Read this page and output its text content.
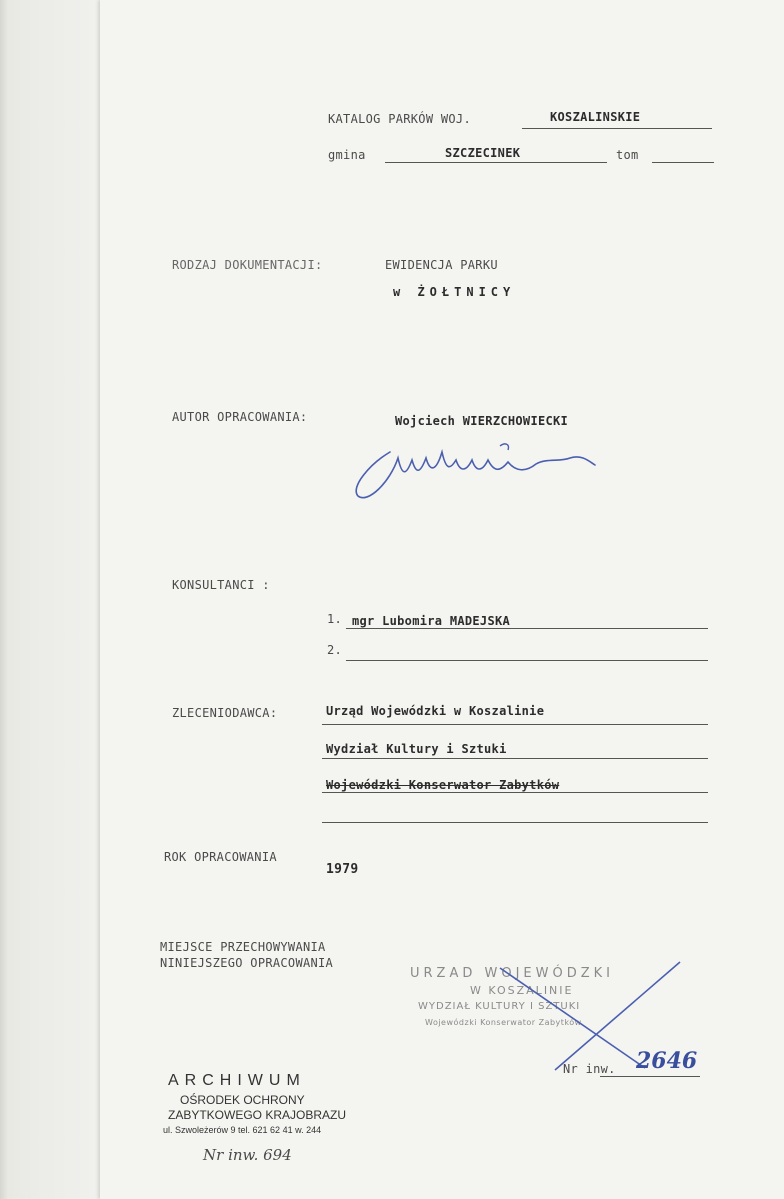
KATALOG PARKÓW WOJ.	KOSZALINSKIE
gmina	SZCZECINEK	tom
RODZAJ DOKUMENTACJI:	EWIDENCJA PARKU
w ŻOŁTNICY
AUTOR OPRACOWANIA:	Wojciech WIERZCHOWIECKI
KONSULTANCI :
1. mgr Lubomira MADEJSKA
2.
ZLECENIODAWCA:	Urząd Wojewódzki w Koszalinie
Wydział Kultury i Sztuki
Wojewódzki Konserwator Zabytków
ROK OPRACOWANIA
1979
MIEJSCE PRZECHOWYWANIA
NINIEJSZEGO OPRACOWANIA
URZAD WOJEWÓDZKI
W KOSZALINIE
WYDZIAŁ KULTURY I SZTUKI
Wojewódzki Konserwator Zabytków
Nr inw. 2646
ARCHIWUM
OŚRODEK OCHRONY
ZABYTKOWEGO KRAJOBRAZU
ul. Szwoleżerów 9 tel. 621 62 41 w. 244
Nr inw. 694
